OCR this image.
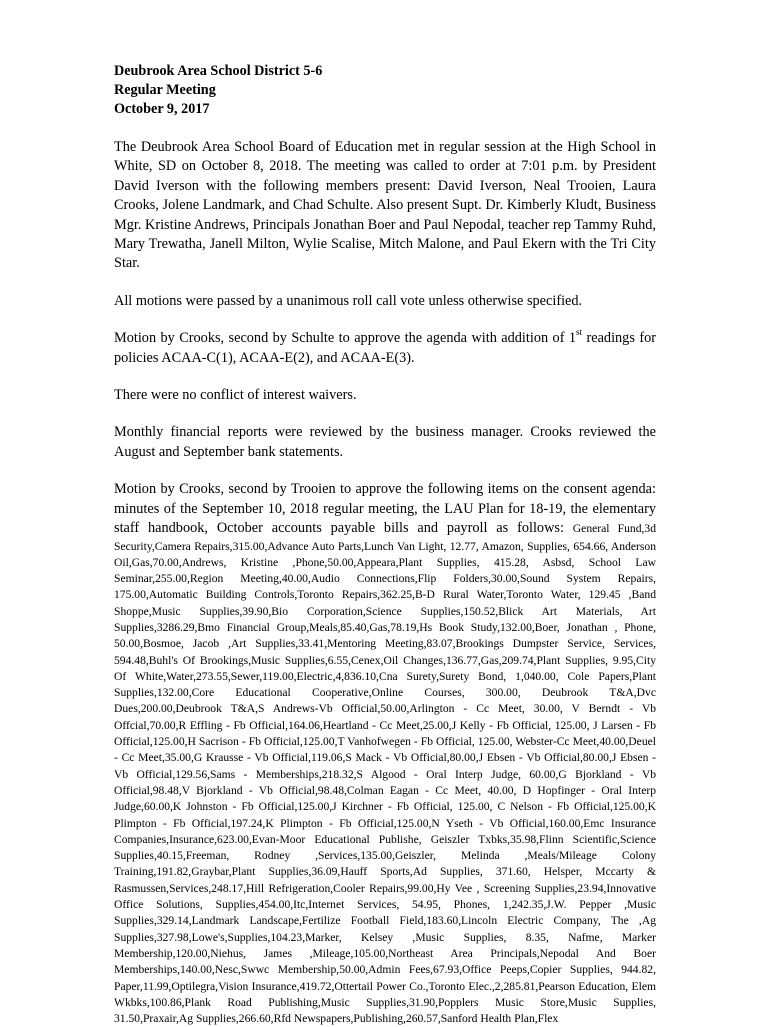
Deubrook Area School District 5-6
Regular Meeting
October 9, 2017

The Deubrook Area School Board of Education met in regular session at the High School in White, SD on October 8, 2018. The meeting was called to order at 7:01 p.m. by President David Iverson with the following members present: David Iverson, Neal Trooien, Laura Crooks, Jolene Landmark, and Chad Schulte. Also present Supt. Dr. Kimberly Kludt, Business Mgr. Kristine Andrews, Principals Jonathan Boer and Paul Nepodal, teacher rep Tammy Ruhd, Mary Trewatha, Janell Milton, Wylie Scalise, Mitch Malone, and Paul Ekern with the Tri City Star.

All motions were passed by a unanimous roll call vote unless otherwise specified.

Motion by Crooks, second by Schulte to approve the agenda with addition of 1st readings for policies ACAA-C(1), ACAA-E(2), and ACAA-E(3).

There were no conflict of interest waivers.

Monthly financial reports were reviewed by the business manager. Crooks reviewed the August and September bank statements.

Motion by Crooks, second by Trooien to approve the following items on the consent agenda: minutes of the September 10, 2018 regular meeting, the LAU Plan for 18-19, the elementary staff handbook, October accounts payable bills and payroll as follows: General Fund,3d Security,Camera Repairs,315.00,Advance Auto Parts,Lunch Van Light, 12.77, Amazon, Supplies, 654.66, Anderson Oil,Gas,70.00,Andrews, Kristine ,Phone,50.00,Appeara,Plant Supplies, 415.28, Asbsd, School Law Seminar,255.00,Region Meeting,40.00,Audio Connections,Flip Folders,30.00,Sound System Repairs, 175.00,Automatic Building Controls,Toronto Repairs,362.25,B-D Rural Water,Toronto Water, 129.45 ,Band Shoppe,Music Supplies,39.90,Bio Corporation,Science Supplies,150.52,Blick Art Materials, Art Supplies,3286.29,Bmo Financial Group,Meals,85.40,Gas,78.19,Hs Book Study,132.00,Boer, Jonathan , Phone, 50.00,Bosmoe, Jacob ,Art Supplies,33.41,Mentoring Meeting,83.07,Brookings Dumpster Service, Services, 594.48,Buhl's Of Brookings,Music Supplies,6.55,Cenex,Oil Changes,136.77,Gas,209.74,Plant Supplies, 9.95,City Of White,Water,273.55,Sewer,119.00,Electric,4,836.10,Cna Surety,Surety Bond, 1,040.00, Cole Papers,Plant Supplies,132.00,Core Educational Cooperative,Online Courses, 300.00, Deubrook T&A,Dvc Dues,200.00,Deubrook T&A,S Andrews-Vb Official,50.00,Arlington - Cc Meet, 30.00, V Berndt - Vb Offcial,70.00,R Effling - Fb Official,164.06,Heartland - Cc Meet,25.00,J Kelly - Fb Official, 125.00, J Larsen - Fb Official,125.00,H Sacrison - Fb Official,125.00,T Vanhofwegen - Fb Official, 125.00, Webster-Cc Meet,40.00,Deuel - Cc Meet,35.00,G Krausse - Vb Official,119.06,S Mack - Vb Official,80.00,J Ebsen - Vb Official,80.00,J Ebsen - Vb Official,129.56,Sams - Memberships,218.32,S Algood - Oral Interp Judge, 60.00,G Bjorkland - Vb Official,98.48,V Bjorkland - Vb Official,98.48,Colman Eagan - Cc Meet, 40.00, D Hopfinger - Oral Interp Judge,60.00,K Johnston - Fb Official,125.00,J Kirchner - Fb Official, 125.00, C Nelson - Fb Official,125.00,K Plimpton - Fb Official,197.24,K Plimpton - Fb Official,125.00,N Yseth - Vb Official,160.00,Emc Insurance Companies,Insurance,623.00,Evan-Moor Educational Publishe, Geiszler Txbks,35.98,Flinn Scientific,Science Supplies,40.15,Freeman, Rodney ,Services,135.00,Geiszler, Melinda ,Meals/Mileage Colony Training,191.82,Graybar,Plant Supplies,36.09,Hauff Sports,Ad Supplies, 371.60, Helsper, Mccarty & Rasmussen,Services,248.17,Hill Refrigeration,Cooler Repairs,99.00,Hy Vee , Screening Supplies,23.94,Innovative Office Solutions, Supplies,454.00,Itc,Internet Services, 54.95, Phones, 1,242.35,J.W. Pepper ,Music Supplies,329.14,Landmark Landscape,Fertilize Football Field,183.60,Lincoln Electric Company, The ,Ag Supplies,327.98,Lowe's,Supplies,104.23,Marker, Kelsey ,Music Supplies, 8.35, Nafme, Marker Membership,120.00,Niehus, James ,Mileage,105.00,Northeast Area Principals,Nepodal And Boer Memberships,140.00,Nesc,Swwc Membership,50.00,Admin Fees,67.93,Office Peeps,Copier Supplies, 944.82, Paper,11.99,Optilegra,Vision Insurance,419.72,Ottertail Power Co.,Toronto Elec.,2,285.81,Pearson Education, Elem Wkbks,100.86,Plank Road Publishing,Music Supplies,31.90,Popplers Music Store,Music Supplies, 31.50,Praxair,Ag Supplies,266.60,Rfd Newspapers,Publishing,260.57,Sanford Health Plan,Flex
